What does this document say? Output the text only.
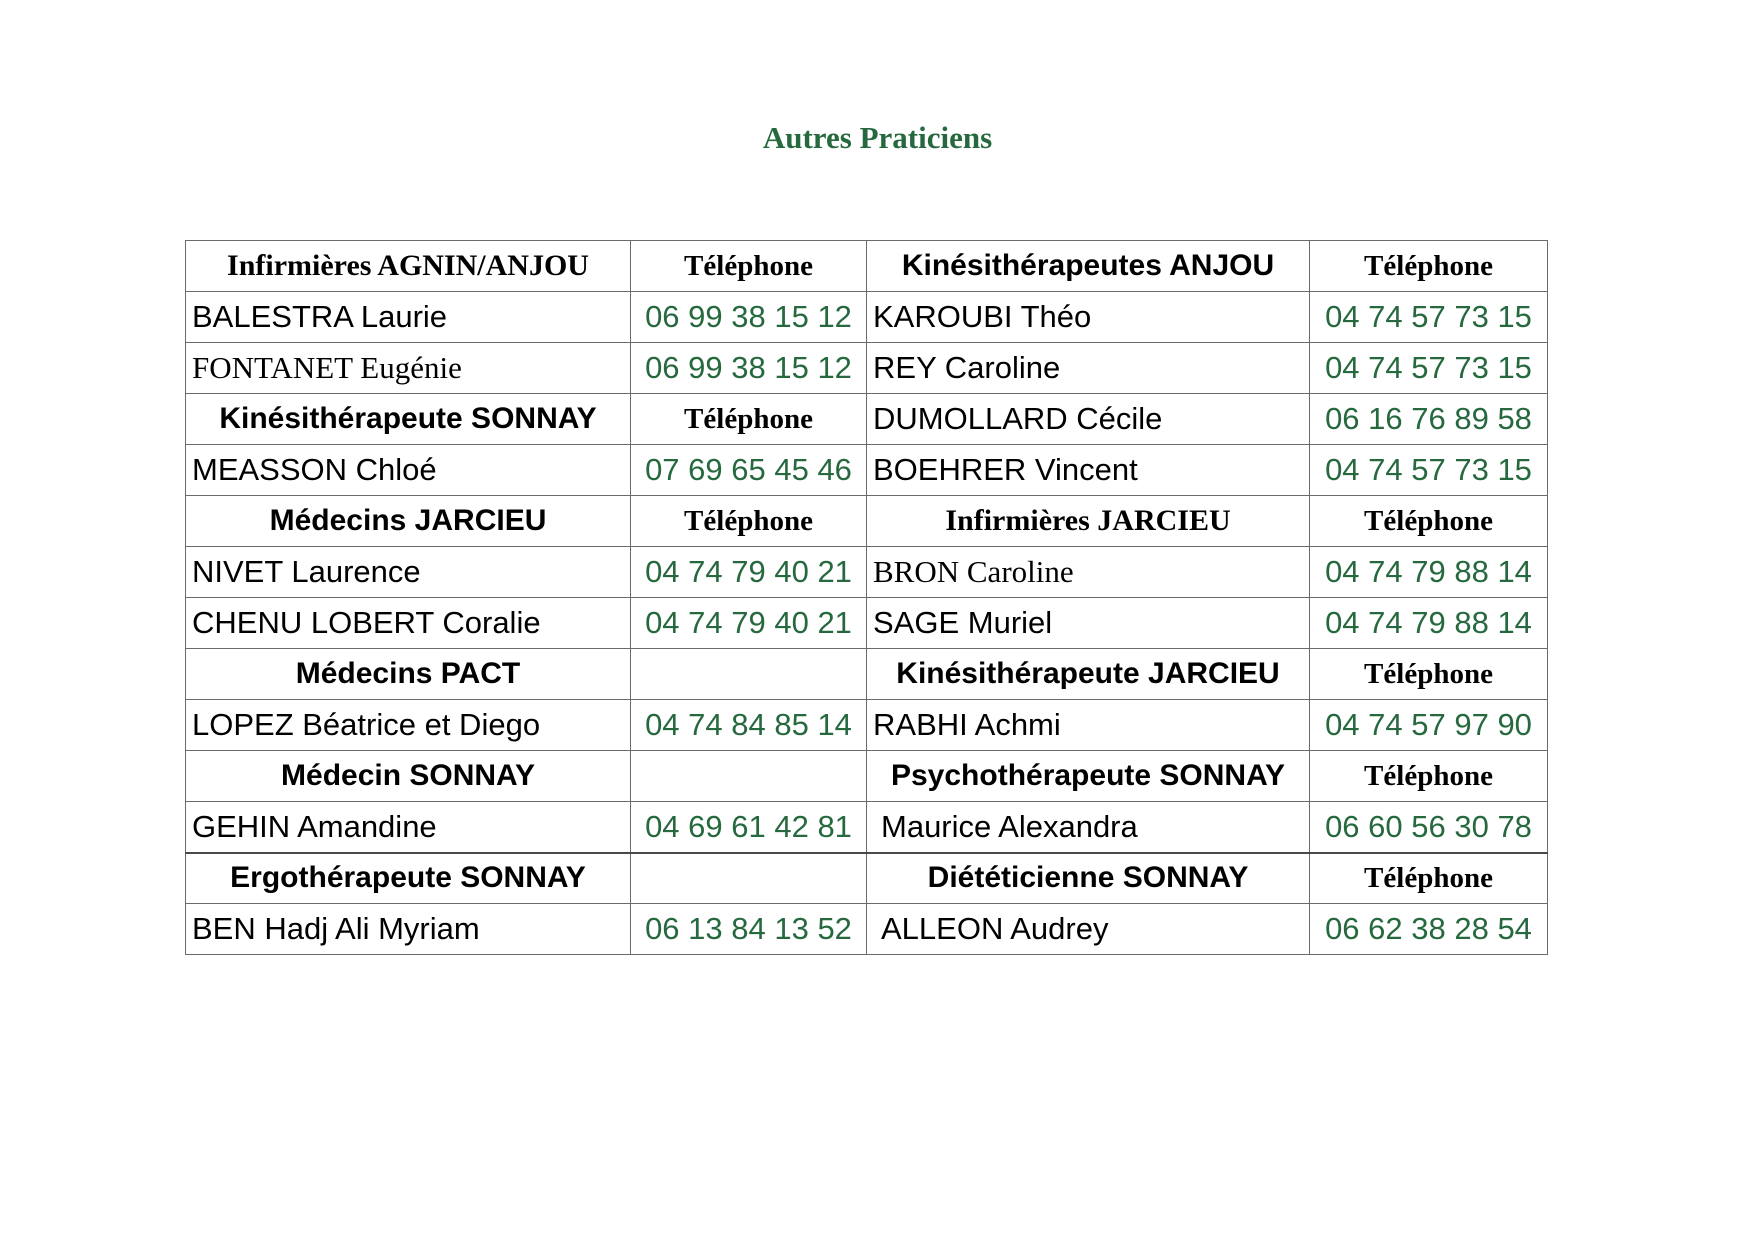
Autres Praticiens
Infirmières AGNIN/ANJOU	Téléphone	Kinésithérapeutes ANJOU	Téléphone
BALESTRA Laurie	06 99 38 15 12	KAROUBI Théo	04 74 57 73 15
FONTANET Eugénie	06 99 38 15 12	REY Caroline	04 74 57 73 15
Kinésithérapeute SONNAY	Téléphone	DUMOLLARD Cécile	06 16 76 89 58
MEASSON Chloé	07 69 65 45 46	BOEHRER Vincent	04 74 57 73 15
Médecins JARCIEU	Téléphone	Infirmières JARCIEU	Téléphone
NIVET Laurence	04 74 79 40 21	BRON Caroline	04 74 79 88 14
CHENU LOBERT Coralie	04 74 79 40 21	SAGE Muriel	04 74 79 88 14
Médecins PACT		Kinésithérapeute JARCIEU	Téléphone
LOPEZ Béatrice et Diego	04 74 84 85 14	RABHI Achmi	04 74 57 97 90
Médecin SONNAY		Psychothérapeute SONNAY	Téléphone
GEHIN Amandine	04 69 61 42 81	Maurice Alexandra	06 60 56 30 78
Ergothérapeute SONNAY		Diététicienne SONNAY	Téléphone
BEN Hadj Ali Myriam	06 13 84 13 52	ALLEON Audrey	06 62 38 28 54
